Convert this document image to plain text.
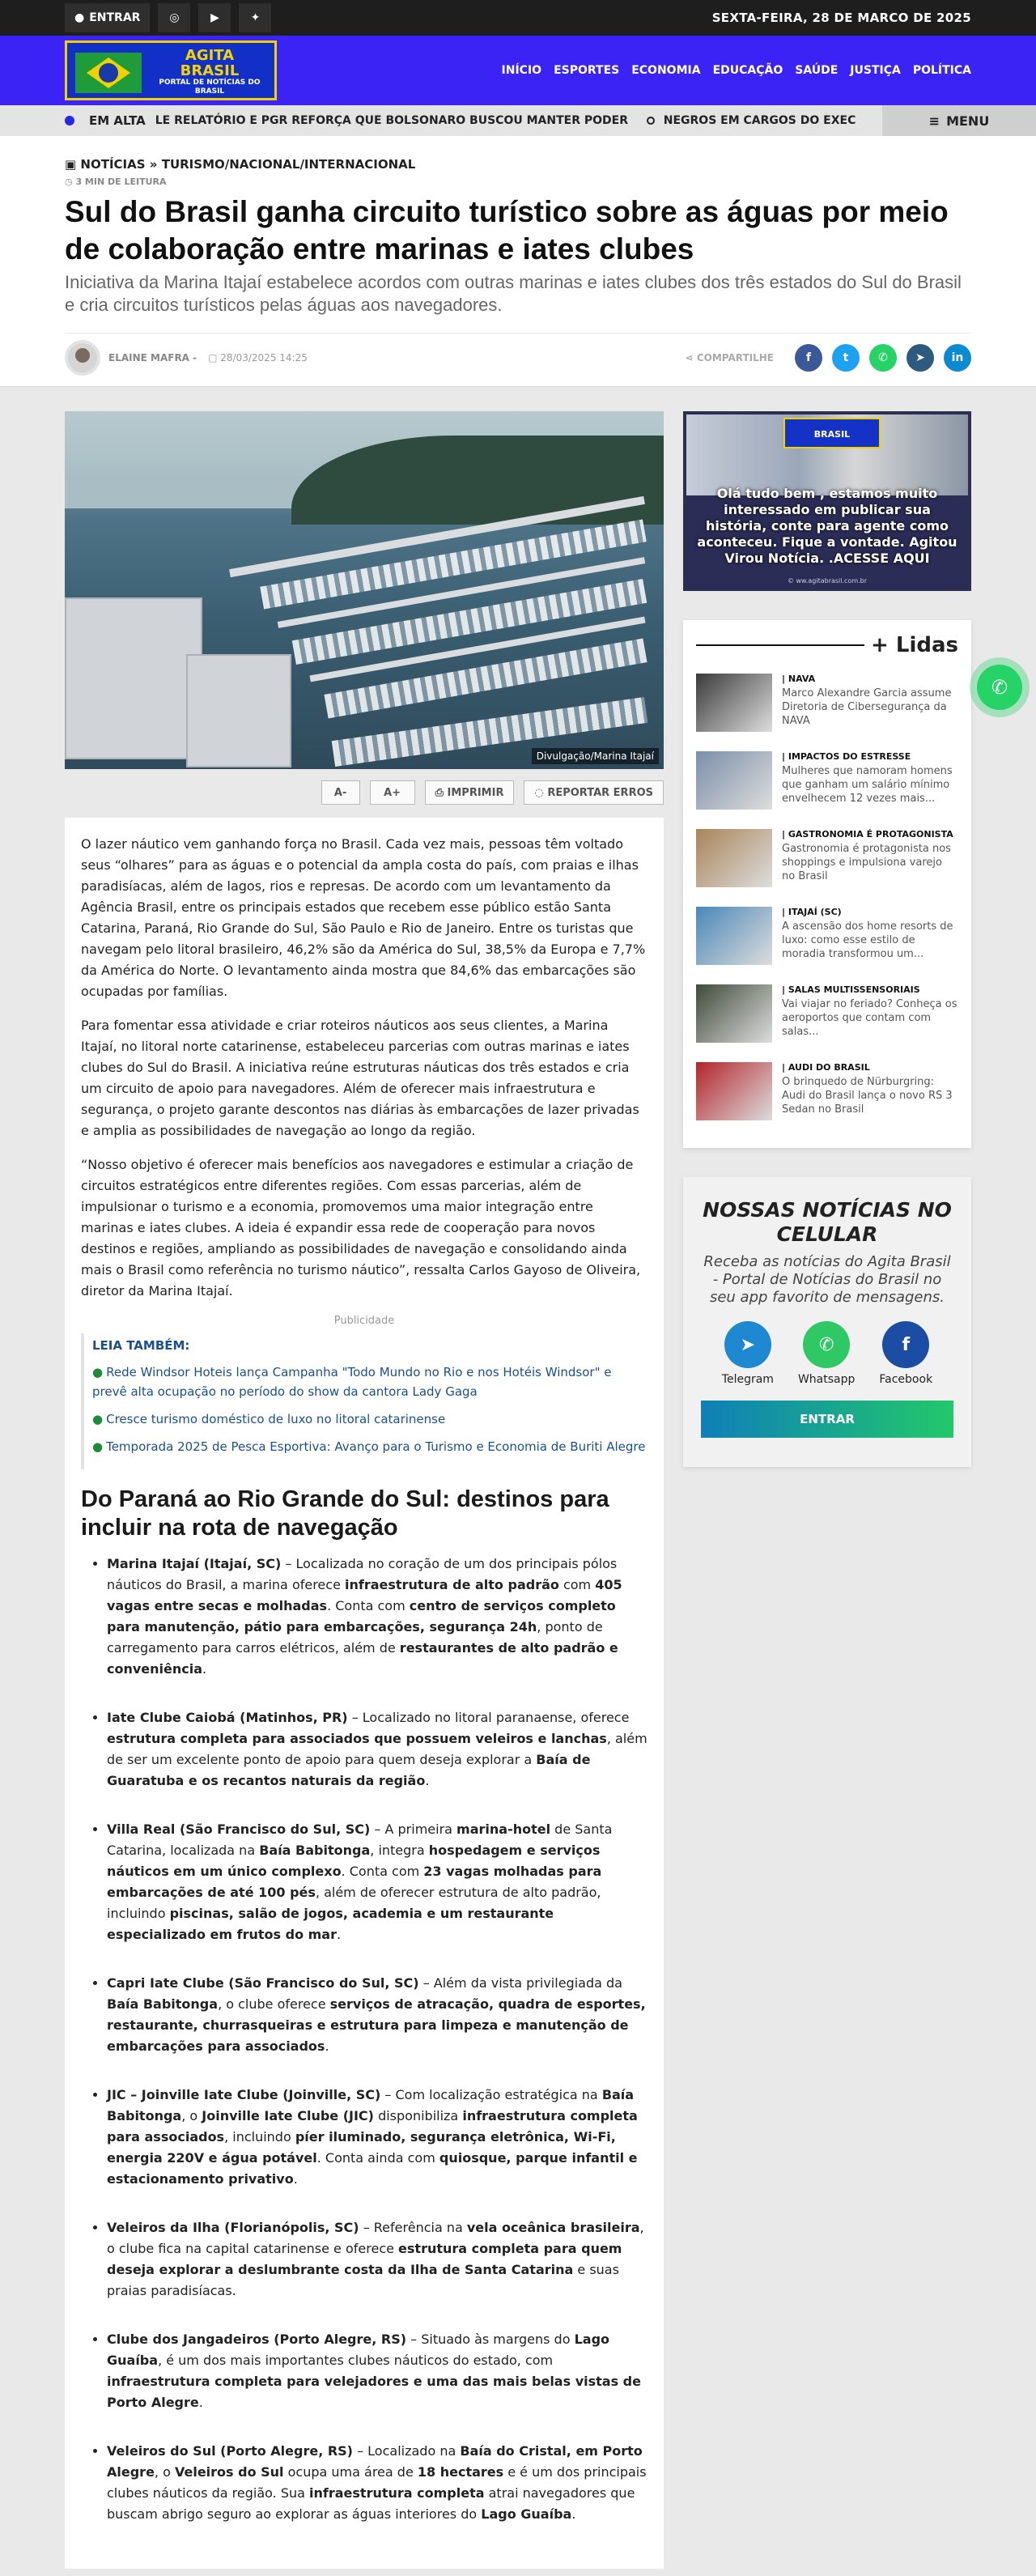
● ENTRAR	◎	▶	✦	SEXTA-FEIRA, 28 DE MARCO DE 2025
AGITA
BRASIL
PORTAL DE NOTÍCIAS DO BRASIL
INÍCIO ESPORTES ECONOMIA EDUCAÇÃO SAÚDE JUSTIÇA POLÍTICA
EM ALTA LE RELATÓRIO E PGR REFORÇA QUE BOLSONARO BUSCOU MANTER PODER	NEGROS EM CARGOS DO EXEC	≡ MENU
▣ NOTÍCIAS » TURISMO/NACIONAL/INTERNACIONAL
◷ 3 MIN DE LEITURA
Sul do Brasil ganha circuito turístico sobre as águas por meio de colaboração entre marinas e iates clubes
Iniciativa da Marina Itajaí estabelece acordos com outras marinas e iates clubes dos três estados do Sul do Brasil e cria circuitos turísticos pelas águas aos navegadores.
ELAINE MAFRA - ▢ 28/03/2025 14:25	⋖ COMPARTILHE	f	t	✆	➤	in
Divulgação/Marina Itajaí
A-	A+	⎙ IMPRIMIR	◌ REPORTAR ERROS

O lazer náutico vem ganhando força no Brasil. Cada vez mais, pessoas têm voltado seus “olhares” para as águas e o potencial da ampla costa do país, com praias e ilhas paradisíacas, além de lagos, rios e represas. De acordo com um levantamento da Agência Brasil, entre os principais estados que recebem esse público estão Santa Catarina, Paraná, Rio Grande do Sul, São Paulo e Rio de Janeiro. Entre os turistas que navegam pelo litoral brasileiro, 46,2% são da América do Sul, 38,5% da Europa e 7,7% da América do Norte. O levantamento ainda mostra que 84,6% das embarcações são ocupadas por famílias.

Para fomentar essa atividade e criar roteiros náuticos aos seus clientes, a Marina Itajaí, no litoral norte catarinense, estabeleceu parcerias com outras marinas e iates clubes do Sul do Brasil. A iniciativa reúne estruturas náuticas dos três estados e cria um circuito de apoio para navegadores. Além de oferecer mais infraestrutura e segurança, o projeto garante descontos nas diárias às embarcações de lazer privadas e amplia as possibilidades de navegação ao longo da região.

“Nosso objetivo é oferecer mais benefícios aos navegadores e estimular a criação de circuitos estratégicos entre diferentes regiões. Com essas parcerias, além de impulsionar o turismo e a economia, promovemos uma maior integração entre marinas e iates clubes. A ideia é expandir essa rede de cooperação para novos destinos e regiões, ampliando as possibilidades de navegação e consolidando ainda mais o Brasil como referência no turismo náutico”, ressalta Carlos Gayoso de Oliveira, diretor da Marina Itajaí.

Publicidade
LEIA TAMBÉM:
● Rede Windsor Hoteis lança Campanha "Todo Mundo no Rio e nos Hotéis Windsor" e prevê alta ocupação no período do show da cantora Lady Gaga
● Cresce turismo doméstico de luxo no litoral catarinense
● Temporada 2025 de Pesca Esportiva: Avanço para o Turismo e Economia de Buriti Alegre
Do Paraná ao Rio Grande do Sul: destinos para incluir na rota de navegação
• Marina Itajaí (Itajaí, SC) – Localizada no coração de um dos principais pólos náuticos do Brasil, a marina oferece infraestrutura de alto padrão com 405 vagas entre secas e molhadas. Conta com centro de serviços completo para manutenção, pátio para embarcações, segurança 24h, ponto de carregamento para carros elétricos, além de restaurantes de alto padrão e conveniência.
• Iate Clube Caiobá (Matinhos, PR) – Localizado no litoral paranaense, oferece estrutura completa para associados que possuem veleiros e lanchas, além de ser um excelente ponto de apoio para quem deseja explorar a Baía de Guaratuba e os recantos naturais da região.
• Villa Real (São Francisco do Sul, SC) – A primeira marina-hotel de Santa Catarina, localizada na Baía Babitonga, integra hospedagem e serviços náuticos em um único complexo. Conta com 23 vagas molhadas para embarcações de até 100 pés, além de oferecer estrutura de alto padrão, incluindo piscinas, salão de jogos, academia e um restaurante especializado em frutos do mar.
• Capri Iate Clube (São Francisco do Sul, SC) – Além da vista privilegiada da Baía Babitonga, o clube oferece serviços de atracação, quadra de esportes, restaurante, churrasqueiras e estrutura para limpeza e manutenção de embarcações para associados.
• JIC – Joinville Iate Clube (Joinville, SC) – Com localização estratégica na Baía Babitonga, o Joinville Iate Clube (JIC) disponibiliza infraestrutura completa para associados, incluindo píer iluminado, segurança eletrônica, Wi-Fi, energia 220V e água potável. Conta ainda com quiosque, parque infantil e estacionamento privativo.
• Veleiros da Ilha (Florianópolis, SC) – Referência na vela oceânica brasileira, o clube fica na capital catarinense e oferece estrutura completa para quem deseja explorar a deslumbrante costa da Ilha de Santa Catarina e suas praias paradisíacas.
• Clube dos Jangadeiros (Porto Alegre, RS) – Situado às margens do Lago Guaíba, é um dos mais importantes clubes náuticos do estado, com infraestrutura completa para velejadores e uma das mais belas vistas de Porto Alegre.
• Veleiros do Sul (Porto Alegre, RS) – Localizado na Baía do Cristal, em Porto Alegre, o Veleiros do Sul ocupa uma área de 18 hectares e é um dos principais clubes náuticos da região. Sua infraestrutura completa atrai navegadores que buscam abrigo seguro ao explorar as águas interiores do Lago Guaíba.
BRASIL
Olá tudo bem , estamos muito interessado em publicar sua história, conte para agente como aconteceu. Fique a vontade. Agitou Virou Notícia. .ACESSE AQUI
© ww.agitabrasil.com.br
+ Lidas
| NAVA
Marco Alexandre Garcia assume Diretoria de Cibersegurança da NAVA
| IMPACTOS DO ESTRESSE
Mulheres que namoram homens que ganham um salário mínimo envelhecem 12 vezes mais...
| GASTRONOMIA É PROTAGONISTA
Gastronomia é protagonista nos shoppings e impulsiona varejo no Brasil
| ITAJAÍ (SC)
A ascensão dos home resorts de luxo: como esse estilo de moradia transformou um...
| SALAS MULTISSENSORIAIS
Vai viajar no feriado? Conheça os aeroportos que contam com salas...
| AUDI DO BRASIL
O brinquedo de Nürburgring: Audi do Brasil lança o novo RS 3 Sedan no Brasil
NOSSAS NOTÍCIAS NO CELULAR
Receba as notícias do Agita Brasil - Portal de Notícias do Brasil no seu app favorito de mensagens.
➤
Telegram
✆
Whatsapp
f
Facebook
ENTRAR
✆
